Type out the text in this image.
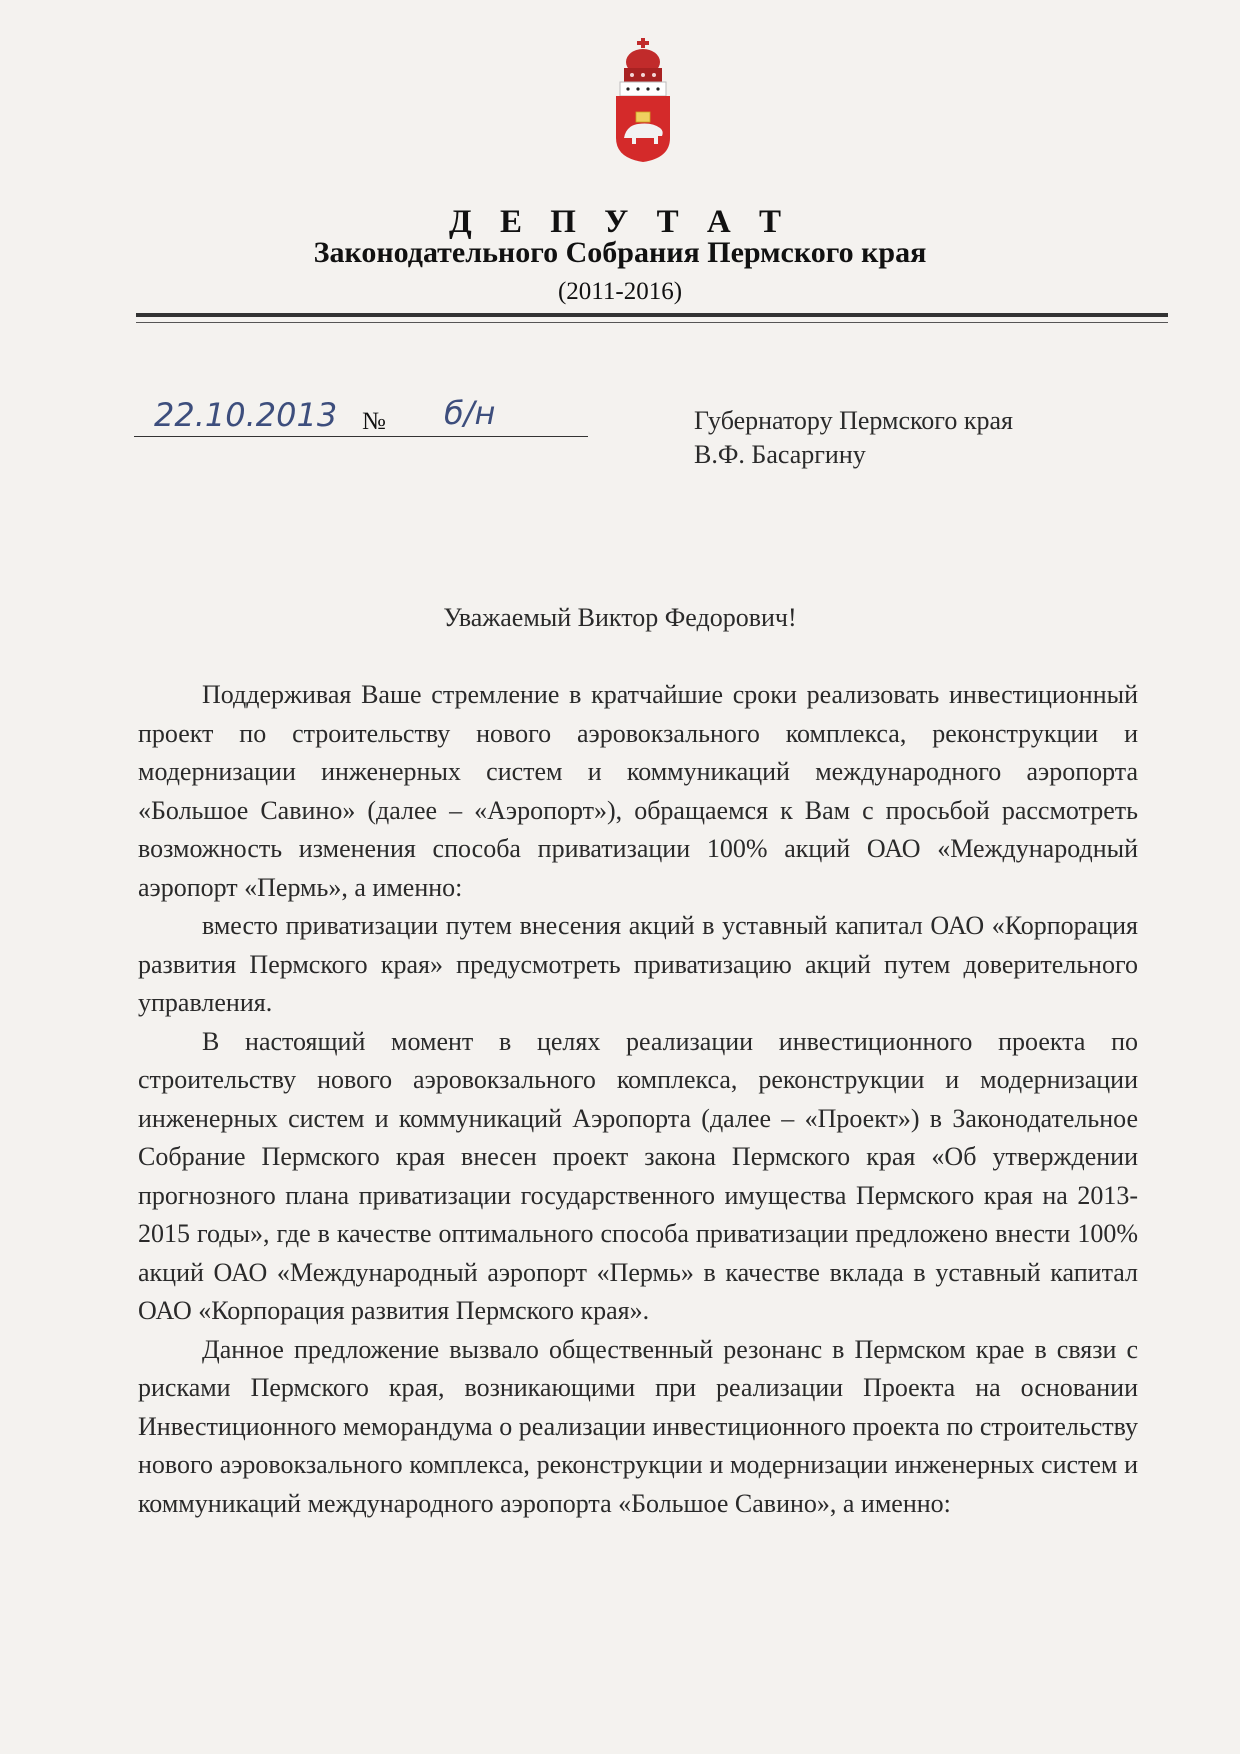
Д Е П У Т А Т
Законодательного Собрания Пермского края
(2011-2016)
22.10.2013 № б/н	Губернатору Пермского края
В.Ф. Басаргину
Уважаемый Виктор Федорович!

Поддерживая Ваше стремление в кратчайшие сроки реализовать инвестиционный проект по строительству нового аэровокзального комплекса, реконструкции и модернизации инженерных систем и коммуникаций международного аэропорта «Большое Савино» (далее – «Аэропорт»), обращаемся к Вам с просьбой рассмотреть возможность изменения способа приватизации 100% акций ОАО «Международный аэропорт «Пермь», а именно:

вместо приватизации путем внесения акций в уставный капитал ОАО «Корпорация развития Пермского края» предусмотреть приватизацию акций путем доверительного управления.

В настоящий момент в целях реализации инвестиционного проекта по строительству нового аэровокзального комплекса, реконструкции и модернизации инженерных систем и коммуникаций Аэропорта (далее – «Проект») в Законодательное Собрание Пермского края внесен проект закона Пермского края «Об утверждении прогнозного плана приватизации государственного имущества Пермского края на 2013-2015 годы», где в качестве оптимального способа приватизации предложено внести 100% акций ОАО «Международный аэропорт «Пермь» в качестве вклада в уставный капитал ОАО «Корпорация развития Пермского края».

Данное предложение вызвало общественный резонанс в Пермском крае в связи с рисками Пермского края, возникающими при реализации Проекта на основании Инвестиционного меморандума о реализации инвестиционного проекта по строительству нового аэровокзального комплекса, реконструкции и модернизации инженерных систем и коммуникаций международного аэропорта «Большое Савино», а именно:
